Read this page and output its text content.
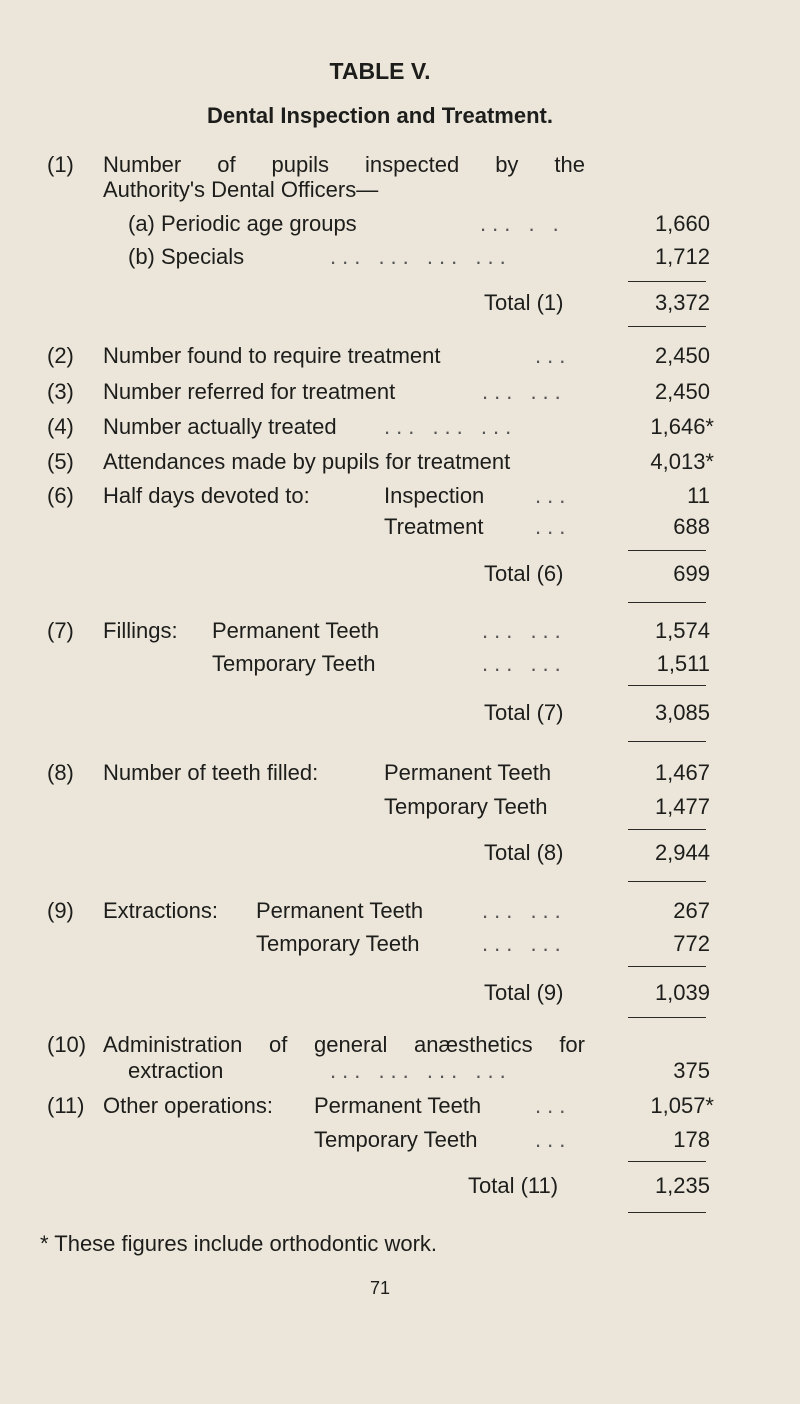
TABLE V.
Dental Inspection and Treatment.
(1) Number of pupils inspected by the
Authority's Dental Officers—
(a) Periodic age groups	... . .	1,660
(b) Specials	... ... ... ...	1,712
Total (1)	3,372
(2) Number found to require treatment	...	2,450
(3) Number referred for treatment	... ...	2,450
(4) Number actually treated ... ... ...	1,646*
(5) Attendances made by pupils for treatment	4,013*
(6) Half days devoted to:	Inspection ...	11
Treatment ...	688
Total (6)	699
(7) Fillings: Permanent Teeth	... ...	1,574
Temporary Teeth	... ...	1,511
Total (7)	3,085
(8) Number of teeth filled:	Permanent Teeth	1,467
Temporary Teeth	1,477
Total (8)	2,944
(9) Extractions: Permanent Teeth	... ...	267
Temporary Teeth	... ...	772
Total (9)	1,039
(10) Administration of general anæsthetics for
extraction	... ... ... ...	375
(11) Other operations: Permanent Teeth ...	1,057*
Temporary Teeth	...	178
Total (11)	1,235
* These figures include orthodontic work.
71
